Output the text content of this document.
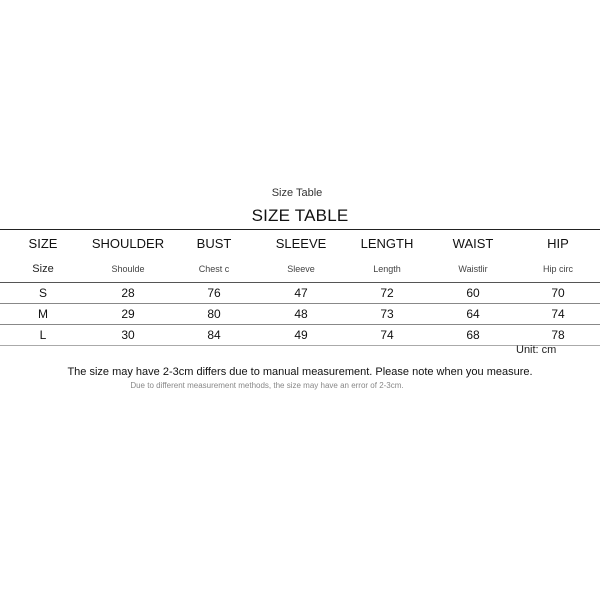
Size Table
SIZE TABLE
SIZE	SHOULDER	BUST	SLEEVE	LENGTH	WAIST	HIP
Size	Shoulde	Chest c	Sleeve	Length	Waistlir	Hip circ
S	28	76	47	72	60	70
M	29	80	48	73	64	74
L	30	84	49	74	68	78
Unit: cm
The size may have 2-3cm differs due to manual measurement. Please note when you measure.
Due to different measurement methods, the size may have an error of 2-3cm.
